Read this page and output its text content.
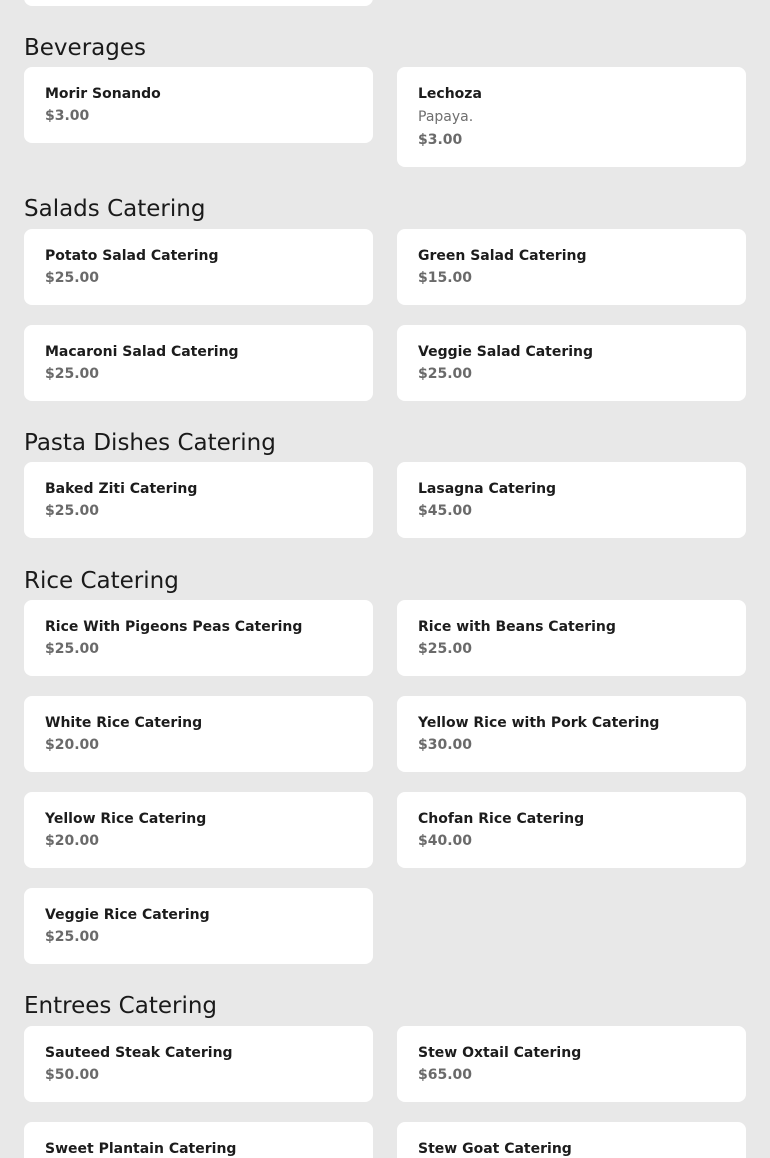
Beverages
Morir Sonando
$3.00
Lechoza
Papaya.
$3.00
Salads Catering
Potato Salad Catering
$25.00
Green Salad Catering
$15.00
Macaroni Salad Catering
$25.00
Veggie Salad Catering
$25.00
Pasta Dishes Catering
Baked Ziti Catering
$25.00
Lasagna Catering
$45.00
Rice Catering
Rice With Pigeons Peas Catering
$25.00
Rice with Beans Catering
$25.00
White Rice Catering
$20.00
Yellow Rice with Pork Catering
$30.00
Yellow Rice Catering
$20.00
Chofan Rice Catering
$40.00
Veggie Rice Catering
$25.00
Entrees Catering
Sauteed Steak Catering
$50.00
Stew Oxtail Catering
$65.00
Sweet Plantain Catering	Stew Goat Catering
